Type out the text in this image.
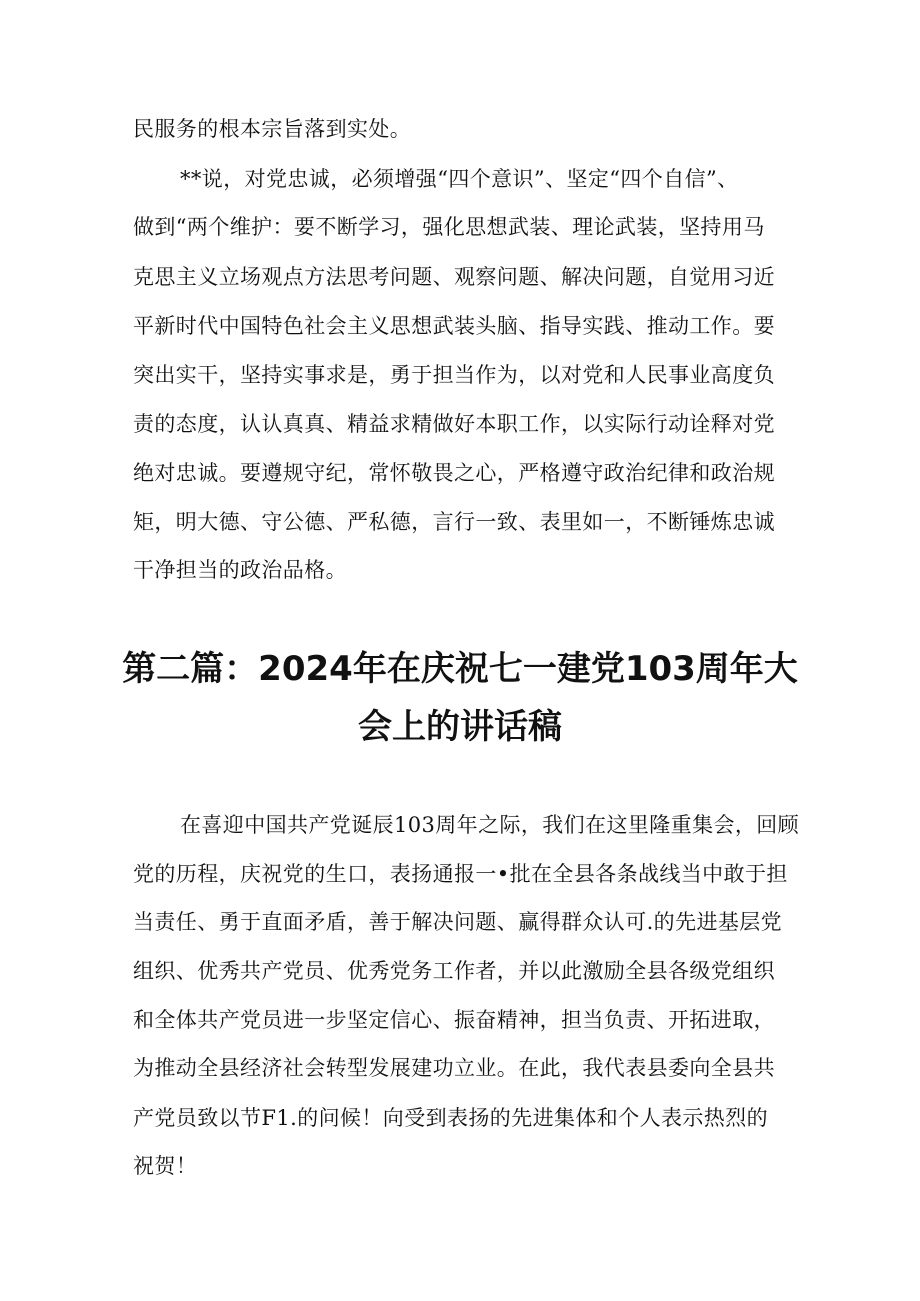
民服务的根本宗旨落到实处。
**说，对党忠诚，必须增强“四个意识”、坚定“四个自信”、
做到“两个维护：要不断学习，强化思想武装、理论武装，坚持用马
克思主义立场观点方法思考问题、观察问题、解决问题，自觉用习近
平新时代中国特色社会主义思想武装头脑、指导实践、推动工作。要
突出实干，坚持实事求是，勇于担当作为，以对党和人民事业高度负
责的态度，认认真真、精益求精做好本职工作，以实际行动诠释对党
绝对忠诚。要遵规守纪，常怀敬畏之心，严格遵守政治纪律和政治规
矩，明大德、守公德、严私德，言行一致、表里如一，不断锤炼忠诚
干净担当的政治品格。
第二篇：2024年在庆祝七一建党103周年大
会上的讲话稿
在喜迎中国共产党诞辰103周年之际，我们在这里隆重集会，回顾
党的历程，庆祝党的生口，表扬通报一•批在全县各条战线当中敢于担
当责任、勇于直面矛盾，善于解决问题、赢得群众认可.的先进基层党
组织、优秀共产党员、优秀党务工作者，并以此激励全县各级党组织
和全体共产党员进一步坚定信心、振奋精神，担当负责、开拓进取，
为推动全县经济社会转型发展建功立业。在此，我代表县委向全县共
产党员致以节F1.的问候！向受到表扬的先进集体和个人表示热烈的
祝贺！
